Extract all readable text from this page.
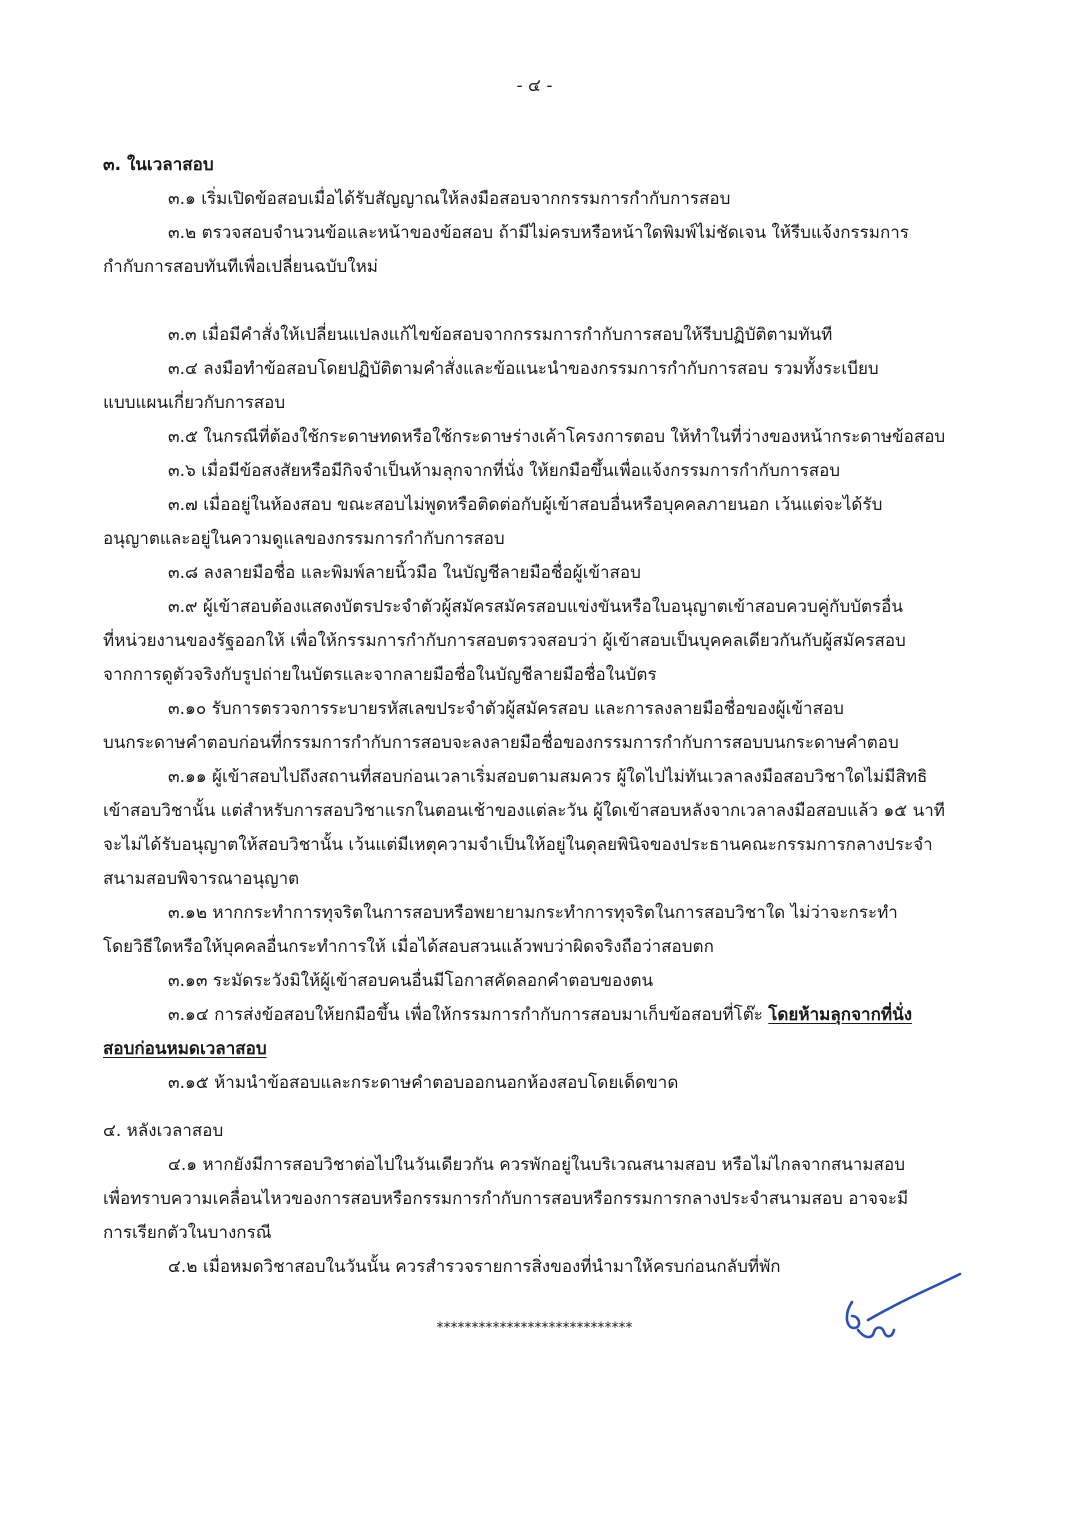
- ๔ -

๓. ในเวลาสอบ

๓.๑ เริ่มเปิดข้อสอบเมื่อได้รับสัญญาณให้ลงมือสอบจากกรรมการกำกับการสอบ

๓.๒ ตรวจสอบจำนวนข้อและหน้าของข้อสอบ ถ้ามีไม่ครบหรือหน้าใดพิมพ์ไม่ชัดเจน ให้รีบแจ้งกรรมการ

กำกับการสอบทันทีเพื่อเปลี่ยนฉบับใหม่

๓.๓ เมื่อมีคำสั่งให้เปลี่ยนแปลงแก้ไขข้อสอบจากกรรมการกำกับการสอบให้รีบปฏิบัติตามทันที

๓.๔ ลงมือทำข้อสอบโดยปฏิบัติตามคำสั่งและข้อแนะนำของกรรมการกำกับการสอบ รวมทั้งระเบียบ

แบบแผนเกี่ยวกับการสอบ

๓.๕ ในกรณีที่ต้องใช้กระดาษทดหรือใช้กระดาษร่างเค้าโครงการตอบ ให้ทำในที่ว่างของหน้ากระดาษข้อสอบ

๓.๖ เมื่อมีข้อสงสัยหรือมีกิจจำเป็นห้ามลุกจากที่นั่ง ให้ยกมือขึ้นเพื่อแจ้งกรรมการกำกับการสอบ

๓.๗ เมื่ออยู่ในห้องสอบ ขณะสอบไม่พูดหรือติดต่อกับผู้เข้าสอบอื่นหรือบุคคลภายนอก เว้นแต่จะได้รับ

อนุญาตและอยู่ในความดูแลของกรรมการกำกับการสอบ

๓.๘ ลงลายมือชื่อ และพิมพ์ลายนิ้วมือ ในบัญชีลายมือชื่อผู้เข้าสอบ

๓.๙ ผู้เข้าสอบต้องแสดงบัตรประจำตัวผู้สมัครสมัครสอบแข่งขันหรือใบอนุญาตเข้าสอบควบคู่กับบัตรอื่น

ที่หน่วยงานของรัฐออกให้ เพื่อให้กรรมการกำกับการสอบตรวจสอบว่า ผู้เข้าสอบเป็นบุคคลเดียวกันกับผู้สมัครสอบ

จากการดูตัวจริงกับรูปถ่ายในบัตรและจากลายมือชื่อในบัญชีลายมือชื่อในบัตร

๓.๑๐ รับการตรวจการระบายรหัสเลขประจำตัวผู้สมัครสอบ และการลงลายมือชื่อของผู้เข้าสอบ

บนกระดาษคำตอบก่อนที่กรรมการกำกับการสอบจะลงลายมือชื่อของกรรมการกำกับการสอบบนกระดาษคำตอบ

๓.๑๑ ผู้เข้าสอบไปถึงสถานที่สอบก่อนเวลาเริ่มสอบตามสมควร ผู้ใดไปไม่ทันเวลาลงมือสอบวิชาใดไม่มีสิทธิ

เข้าสอบวิชานั้น แต่สำหรับการสอบวิชาแรกในตอนเช้าของแต่ละวัน ผู้ใดเข้าสอบหลังจากเวลาลงมือสอบแล้ว ๑๕ นาที

จะไม่ได้รับอนุญาตให้สอบวิชานั้น เว้นแต่มีเหตุความจำเป็นให้อยู่ในดุลยพินิจของประธานคณะกรรมการกลางประจำ

สนามสอบพิจารณาอนุญาต

๓.๑๒ หากกระทำการทุจริตในการสอบหรือพยายามกระทำการทุจริตในการสอบวิชาใด ไม่ว่าจะกระทำ

โดยวิธีใดหรือให้บุคคลอื่นกระทำการให้ เมื่อได้สอบสวนแล้วพบว่าผิดจริงถือว่าสอบตก

๓.๑๓ ระมัดระวังมิให้ผู้เข้าสอบคนอื่นมีโอกาสคัดลอกคำตอบของตน

๓.๑๔ การส่งข้อสอบให้ยกมือขึ้น เพื่อให้กรรมการกำกับการสอบมาเก็บข้อสอบที่โต๊ะ โดยห้ามลุกจากที่นั่ง

สอบก่อนหมดเวลาสอบ

๓.๑๕ ห้ามนำข้อสอบและกระดาษคำตอบออกนอกห้องสอบโดยเด็ดขาด

๔. หลังเวลาสอบ

๔.๑ หากยังมีการสอบวิชาต่อไปในวันเดียวกัน ควรพักอยู่ในบริเวณสนามสอบ หรือไม่ไกลจากสนามสอบ

เพื่อทราบความเคลื่อนไหวของการสอบหรือกรรมการกำกับการสอบหรือกรรมการกลางประจำสนามสอบ อาจจะมี

การเรียกตัวในบางกรณี

๔.๒ เมื่อหมดวิชาสอบในวันนั้น ควรสำรวจรายการสิ่งของที่นำมาให้ครบก่อนกลับที่พัก

****************************
